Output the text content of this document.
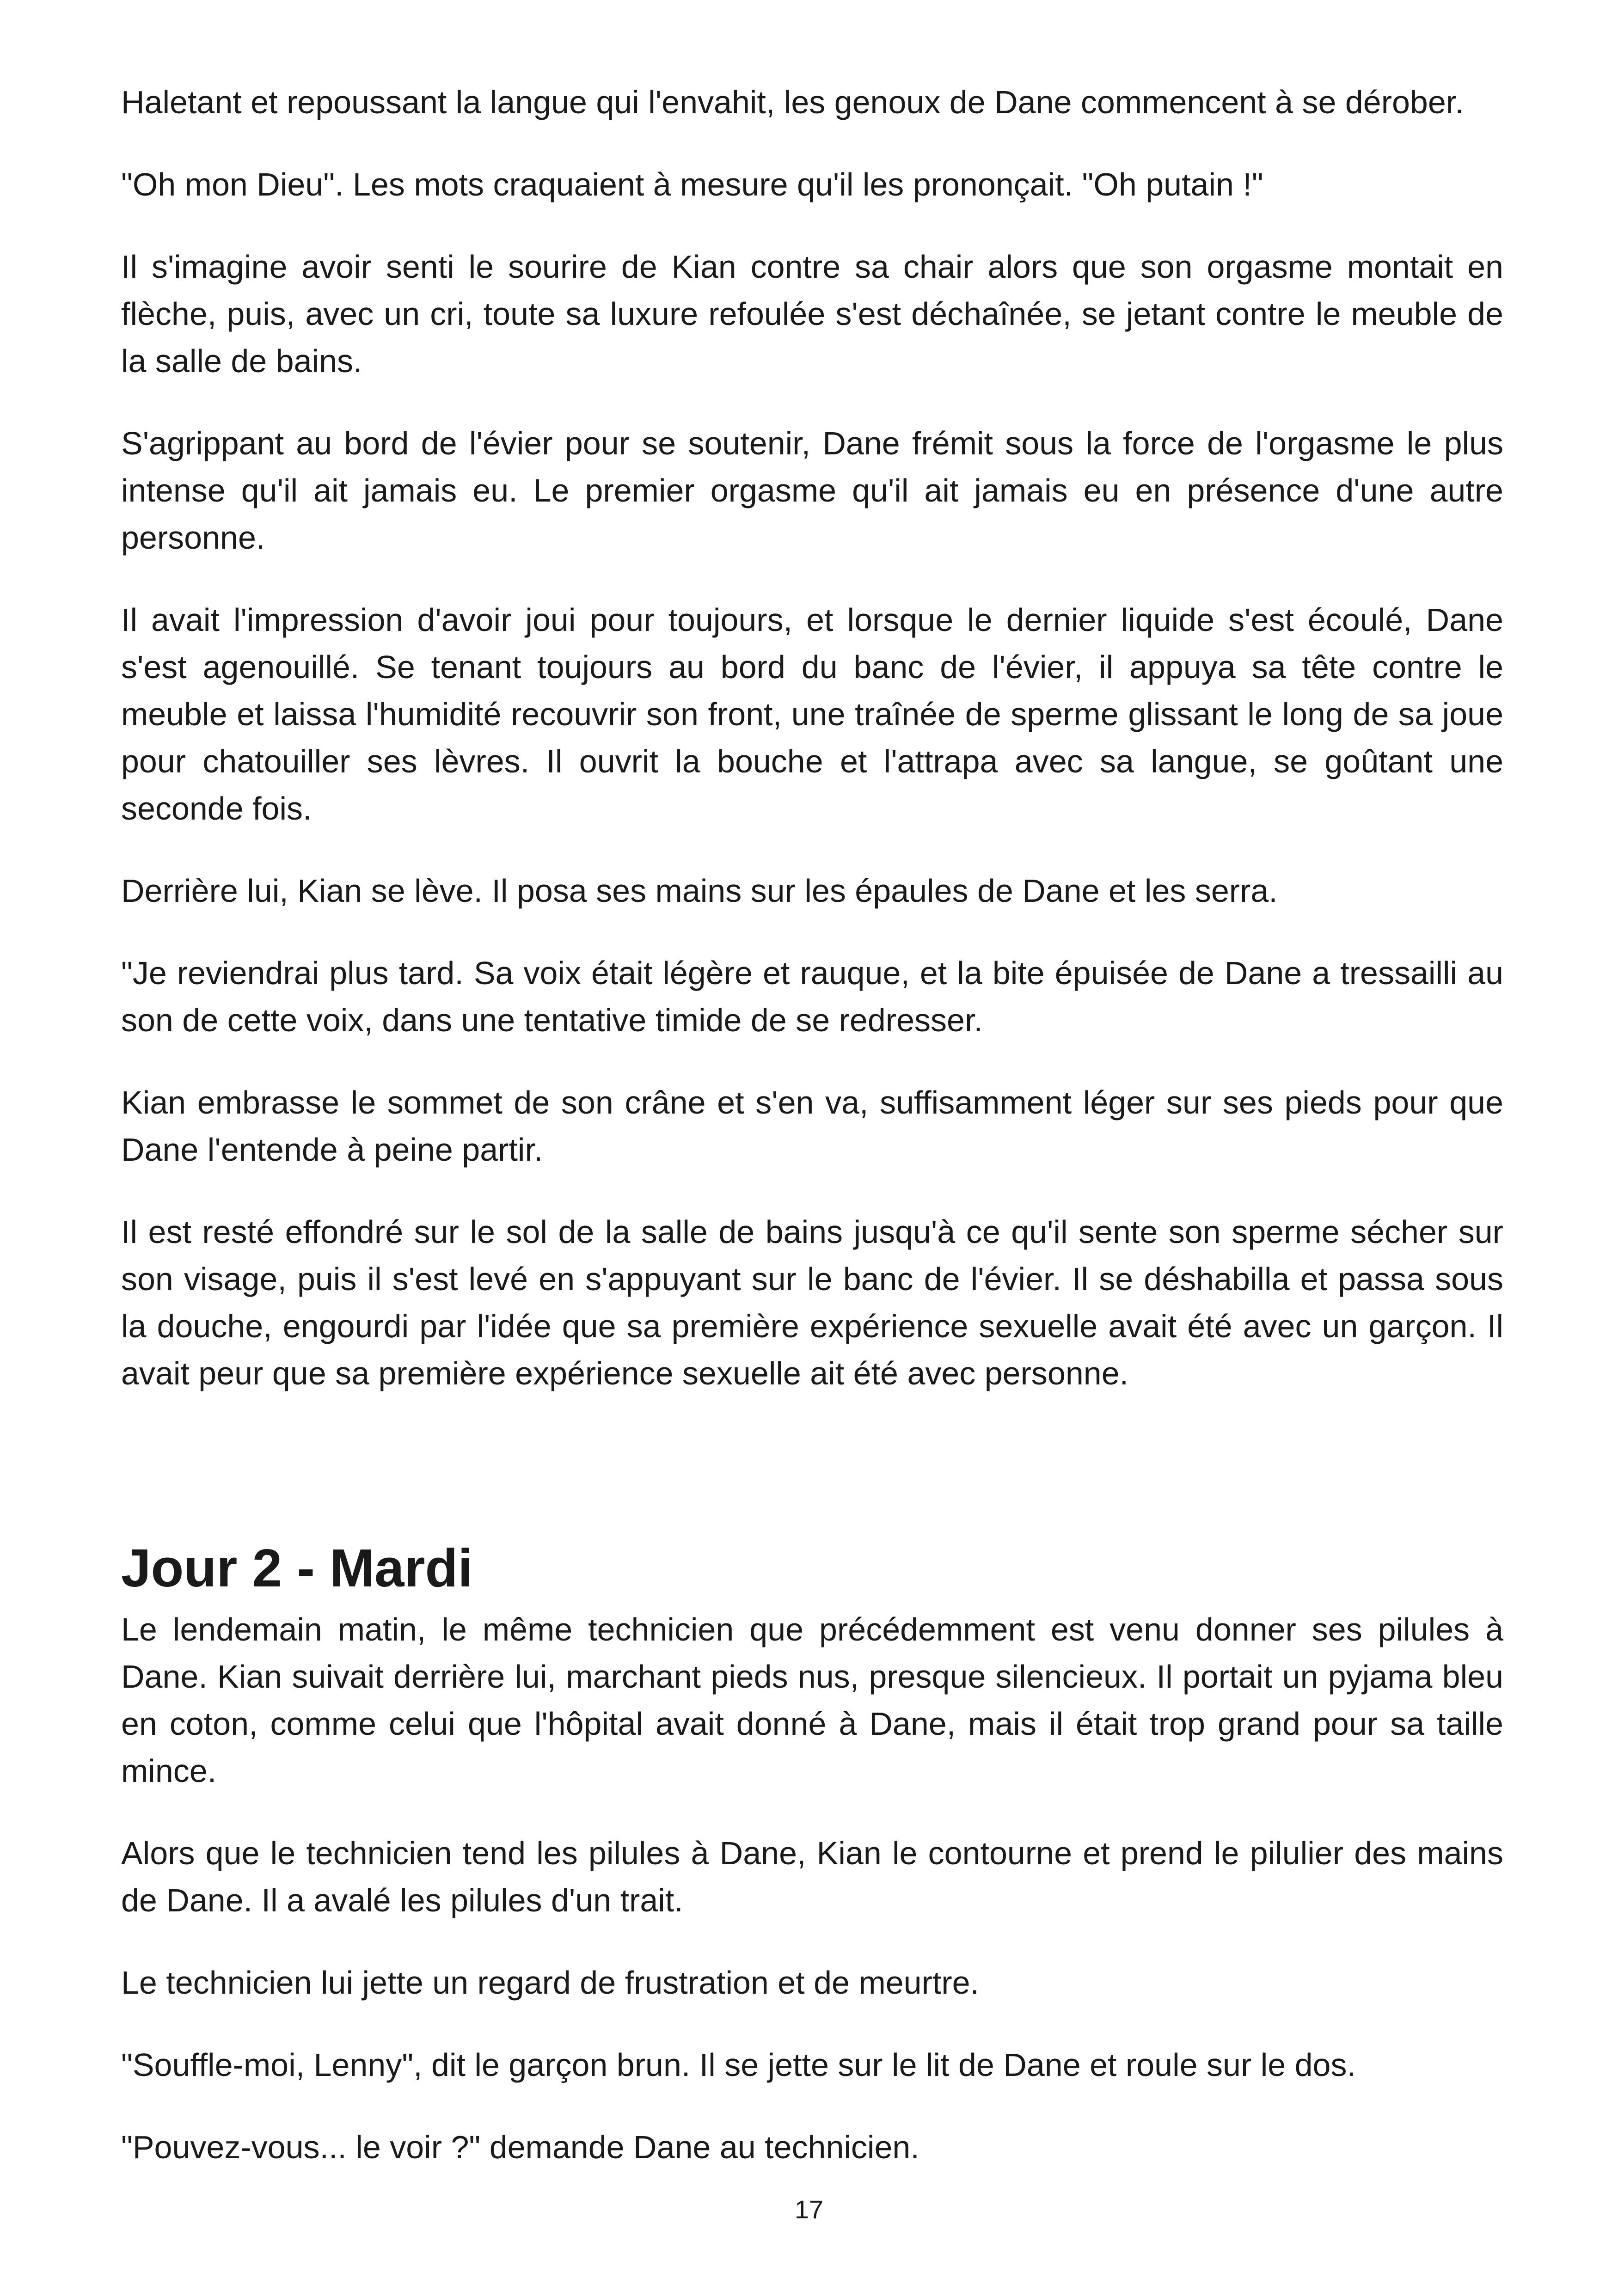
Haletant et repoussant la langue qui l'envahit, les genoux de Dane commencent à se dérober.

"Oh mon Dieu". Les mots craquaient à mesure qu'il les prononçait. "Oh putain !"

Il s'imagine avoir senti le sourire de Kian contre sa chair alors que son orgasme montait en flèche, puis, avec un cri, toute sa luxure refoulée s'est déchaînée, se jetant contre le meuble de la salle de bains.

S'agrippant au bord de l'évier pour se soutenir, Dane frémit sous la force de l'orgasme le plus intense qu'il ait jamais eu. Le premier orgasme qu'il ait jamais eu en présence d'une autre personne.

Il avait l'impression d'avoir joui pour toujours, et lorsque le dernier liquide s'est écoulé, Dane s'est agenouillé. Se tenant toujours au bord du banc de l'évier, il appuya sa tête contre le meuble et laissa l'humidité recouvrir son front, une traînée de sperme glissant le long de sa joue pour chatouiller ses lèvres. Il ouvrit la bouche et l'attrapa avec sa langue, se goûtant une seconde fois.

Derrière lui, Kian se lève. Il posa ses mains sur les épaules de Dane et les serra.

"Je reviendrai plus tard. Sa voix était légère et rauque, et la bite épuisée de Dane a tressailli au son de cette voix, dans une tentative timide de se redresser.

Kian embrasse le sommet de son crâne et s'en va, suffisamment léger sur ses pieds pour que Dane l'entende à peine partir.

Il est resté effondré sur le sol de la salle de bains jusqu'à ce qu'il sente son sperme sécher sur son visage, puis il s'est levé en s'appuyant sur le banc de l'évier. Il se déshabilla et passa sous la douche, engourdi par l'idée que sa première expérience sexuelle avait été avec un garçon. Il avait peur que sa première expérience sexuelle ait été avec personne.

Jour 2 - Mardi

Le lendemain matin, le même technicien que précédemment est venu donner ses pilules à Dane. Kian suivait derrière lui, marchant pieds nus, presque silencieux. Il portait un pyjama bleu en coton, comme celui que l'hôpital avait donné à Dane, mais il était trop grand pour sa taille mince.

Alors que le technicien tend les pilules à Dane, Kian le contourne et prend le pilulier des mains de Dane. Il a avalé les pilules d'un trait.

Le technicien lui jette un regard de frustration et de meurtre.

"Souffle-moi, Lenny", dit le garçon brun. Il se jette sur le lit de Dane et roule sur le dos.

"Pouvez-vous... le voir ?" demande Dane au technicien.

17
